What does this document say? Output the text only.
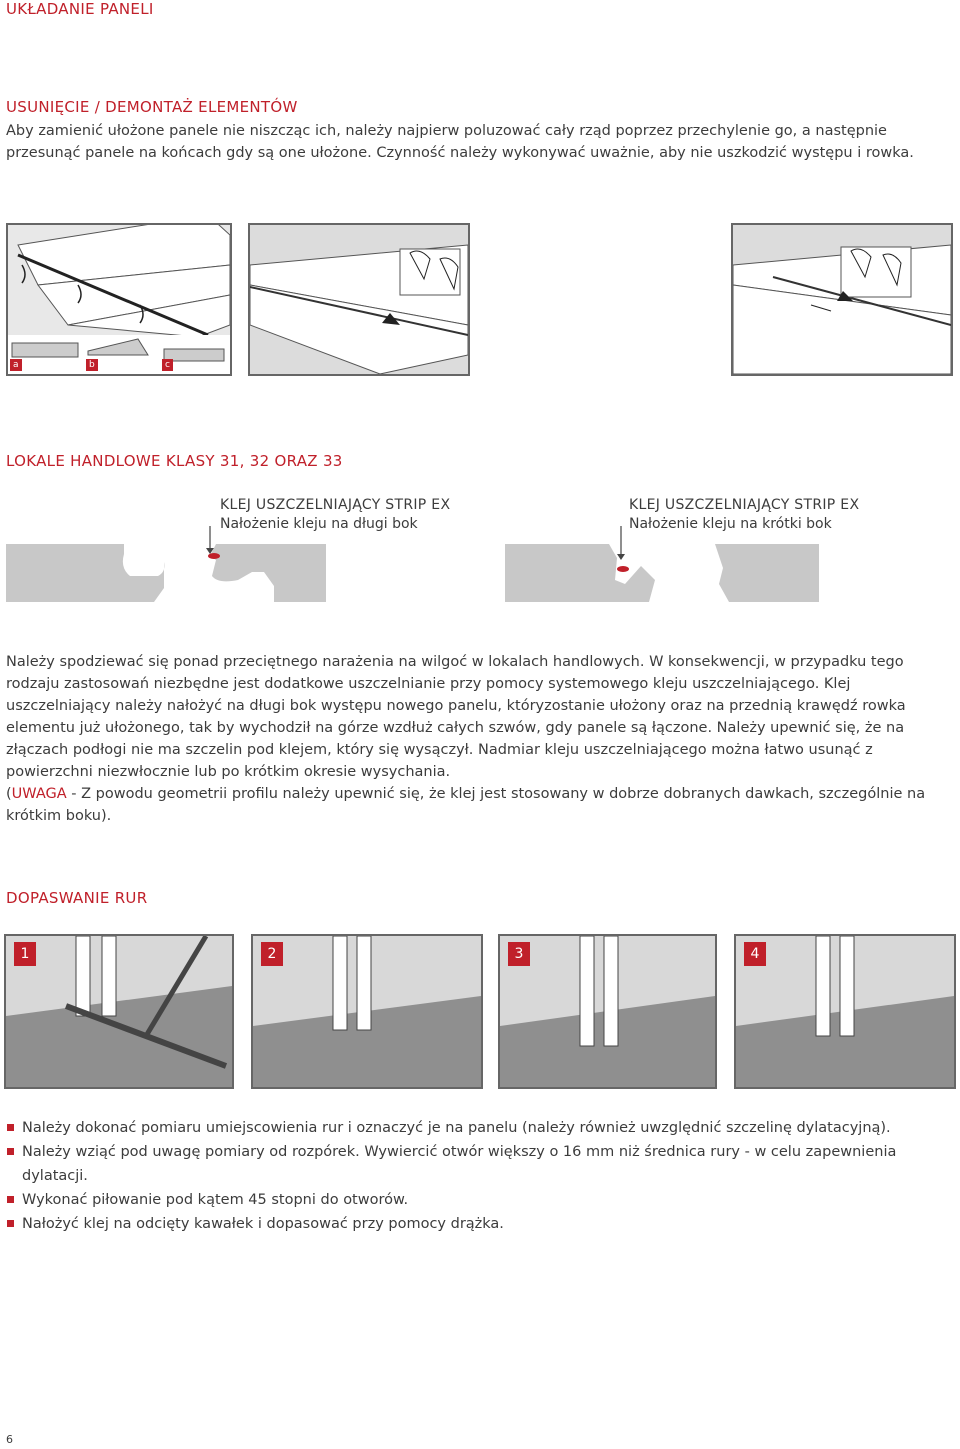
UKŁADANIE PANELI
USUNIĘCIE / DEMONTAŻ ELEMENTÓW
Aby zamienić ułożone panele nie niszcząc ich, należy najpierw poluzować cały rząd poprzez przechylenie go, a następnie przesunąć panele na końcach gdy są one ułożone. Czynność należy wykonywać uważnie, aby nie uszkodzić występu i rowka.
a	b	c
LOKALE HANDLOWE KLASY 31, 32 ORAZ 33
KLEJ USZCZELNIAJĄCY STRIP EX
Nałożenie kleju na długi bok
KLEJ USZCZELNIAJĄCY STRIP EX
Nałożenie kleju na krótki bok
Należy spodziewać się ponad przeciętnego narażenia na wilgoć w lokalach handlowych. W konsekwencji, w przypadku tego rodzaju zastosowań niezbędne jest dodatkowe uszczelnianie przy pomocy systemowego kleju uszczelniającego. Klej uszczelniający należy nałożyć na długi bok występu nowego panelu, któryzostanie ułożony oraz na przednią krawędź rowka elementu już ułożonego, tak by wychodził na górze wzdłuż całych szwów, gdy panele są łączone. Należy upewnić się, że na złączach podłogi nie ma szczelin pod klejem, który się wysączył. Nadmiar kleju uszczelniającego można łatwo usunąć z powierzchni niezwłocznie lub po krótkim okresie wysychania.
(UWAGA - Z powodu geometrii profilu należy upewnić się, że klej jest stosowany w dobrze dobranych dawkach, szczególnie na krótkim boku).
DOPASWANIE RUR
1	2	3	4
Należy dokonać pomiaru umiejscowienia rur i oznaczyć je na panelu (należy również uwzględnić szczelinę dylatacyjną).
Należy wziąć pod uwagę pomiary od rozpórek. Wywiercić otwór większy o 16 mm niż średnica rury - w celu zapewnienia dylatacji.
Wykonać piłowanie pod kątem 45 stopni do otworów.
Nałożyć klej na odcięty kawałek i dopasować przy pomocy drążka.
6
